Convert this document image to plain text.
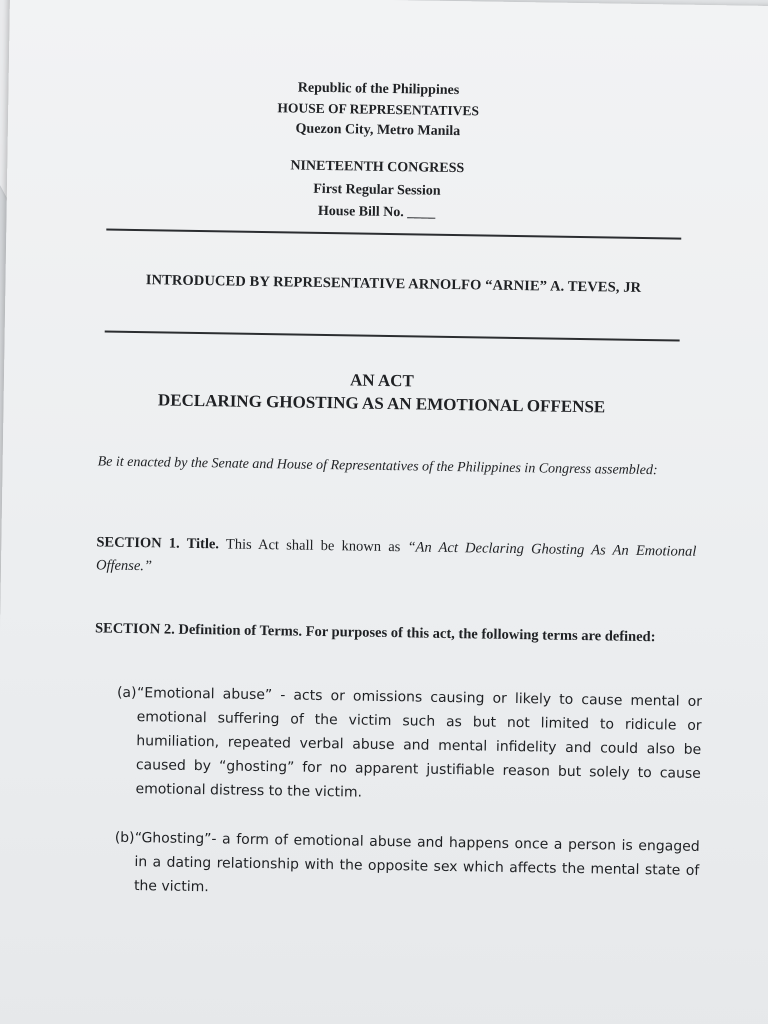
Republic of the Philippines
HOUSE OF REPRESENTATIVES
Quezon City, Metro Manila
NINETEENTH CONGRESS
First Regular Session
House Bill No. ____
INTRODUCED BY REPRESENTATIVE ARNOLFO “ARNIE” A. TEVES, JR
AN ACT
DECLARING GHOSTING AS AN EMOTIONAL OFFENSE
Be it enacted by the Senate and House of Representatives of the Philippines in Congress assembled:
SECTION 1. Title. This Act shall be known as “An Act Declaring Ghosting As An Emotional Offense.”
SECTION 2. Definition of Terms. For purposes of this act, the following terms are defined:
(a) “Emotional abuse” - acts or omissions causing or likely to cause mental or emotional suffering of the victim such as but not limited to ridicule or humiliation, repeated verbal abuse and mental infidelity and could also be caused by “ghosting” for no apparent justifiable reason but solely to cause emotional distress to the victim.
(b) “Ghosting”- a form of emotional abuse and happens once a person is engaged in a dating relationship with the opposite sex which affects the mental state of the victim.
